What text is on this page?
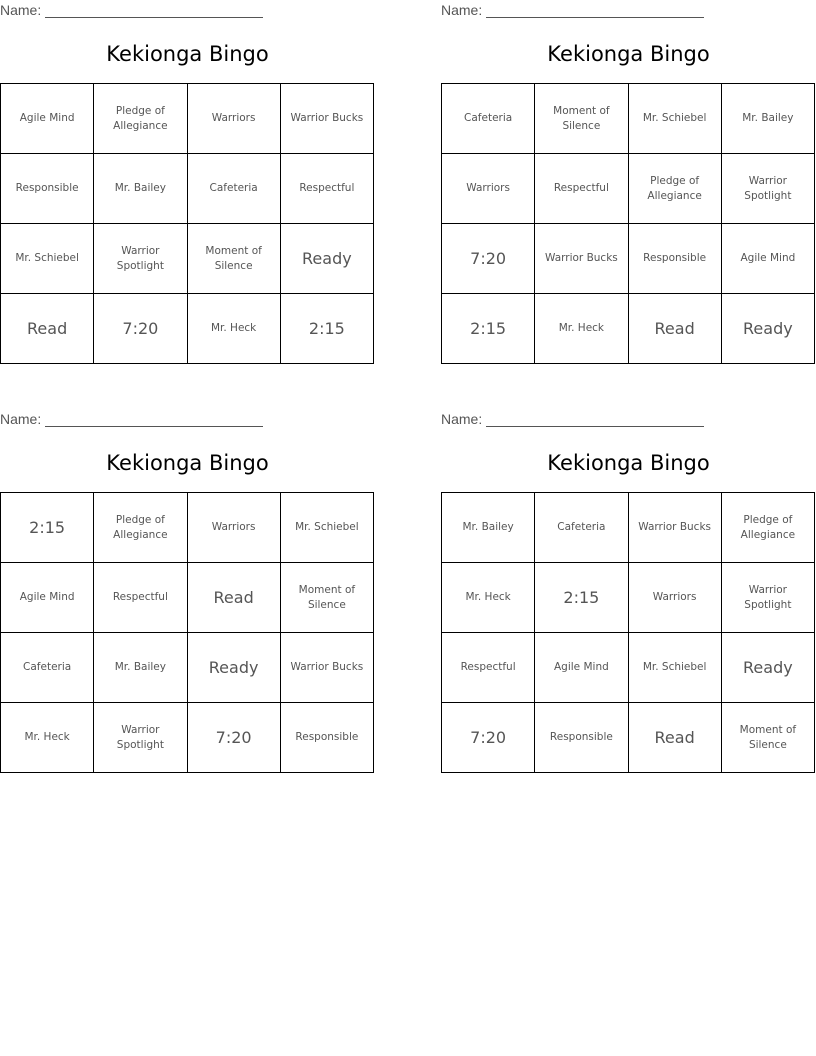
Name:
Kekionga Bingo
Agile Mind	Pledge of Allegiance	Warriors	Warrior Bucks
Responsible	Mr. Bailey	Cafeteria	Respectful
Mr. Schiebel	Warrior Spotlight	Moment of Silence	Ready
Read	7:20	Mr. Heck	2:15
Name:
Kekionga Bingo
Cafeteria	Moment of Silence	Mr. Schiebel	Mr. Bailey
Warriors	Respectful	Pledge of Allegiance	Warrior Spotlight
7:20	Warrior Bucks	Responsible	Agile Mind
2:15	Mr. Heck	Read	Ready
Name:
Kekionga Bingo
2:15	Pledge of Allegiance	Warriors	Mr. Schiebel
Agile Mind	Respectful	Read	Moment of Silence
Cafeteria	Mr. Bailey	Ready	Warrior Bucks
Mr. Heck	Warrior Spotlight	7:20	Responsible
Name:
Kekionga Bingo
Mr. Bailey	Cafeteria	Warrior Bucks	Pledge of Allegiance
Mr. Heck	2:15	Warriors	Warrior Spotlight
Respectful	Agile Mind	Mr. Schiebel	Ready
7:20	Responsible	Read	Moment of Silence
